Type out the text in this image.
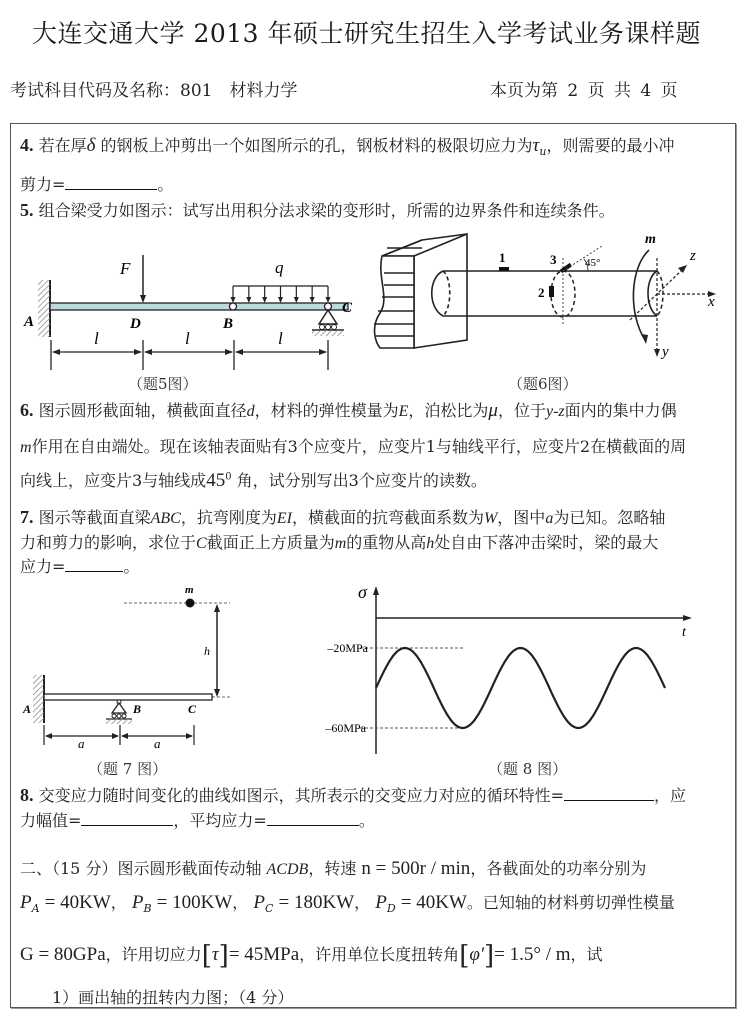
大连交通大学 2013 年硕士研究生招生入学考试业务课样题
考试科目代码及名称：801　材料力学	本页为第 2 页 共 4 页
4. 若在厚δ 的钢板上冲剪出一个如图所示的孔，钢板材料的极限切应力为$\tau_u$，则需要的最小冲
剪力=	。
5. 组合梁受力如图示：试写出用积分法求梁的变形时，所需的边界条件和连续条件。
F	q
A	D	B
C
l	l	l
（题5图）
1
2
3	45°
m
x
y
z
（题6图）
6. 图示圆形截面轴，横截面直径d，材料的弹性模量为E，泊松比为μ，位于y-z面内的集中力偶
m作用在自由端处。现在该轴表面贴有3个应变片，应变片1与轴线平行，应变片2在横截面的周
向线上，应变片3与轴线成$45^0$ 角，试分别写出3个应变片的读数。
7. 图示等截面直梁ABC，抗弯刚度为EI，横截面的抗弯截面系数为W，图中a为已知。忽略轴
力和剪力的影响，求位于C截面正上方质量为m的重物从高h处自由下落冲击梁时，梁的最大
应力=	。
m
h
A	B	C
a	a
（题 7 图）
σ
t
–20MPa
–60MPa
（题 8 图）
8. 交变应力随时间变化的曲线如图示，其所表示的交变应力对应的循环特性=	，应
力幅值=	，平均应力=	。
二、（15 分）图示圆形截面传动轴 ACDB，转速 n = 500r / min，各截面处的功率分别为
$P_A = 40KW$， $P_B = 100KW$， $P_C = 180KW$， $P_D = 40KW$。已知轴的材料剪切弹性模量
G = 80GPa，许用切应力[τ]= 45MPa，许用单位长度扭转角[φ′]= 1.5° / m，试
1）画出轴的扭转内力图；（4 分）
